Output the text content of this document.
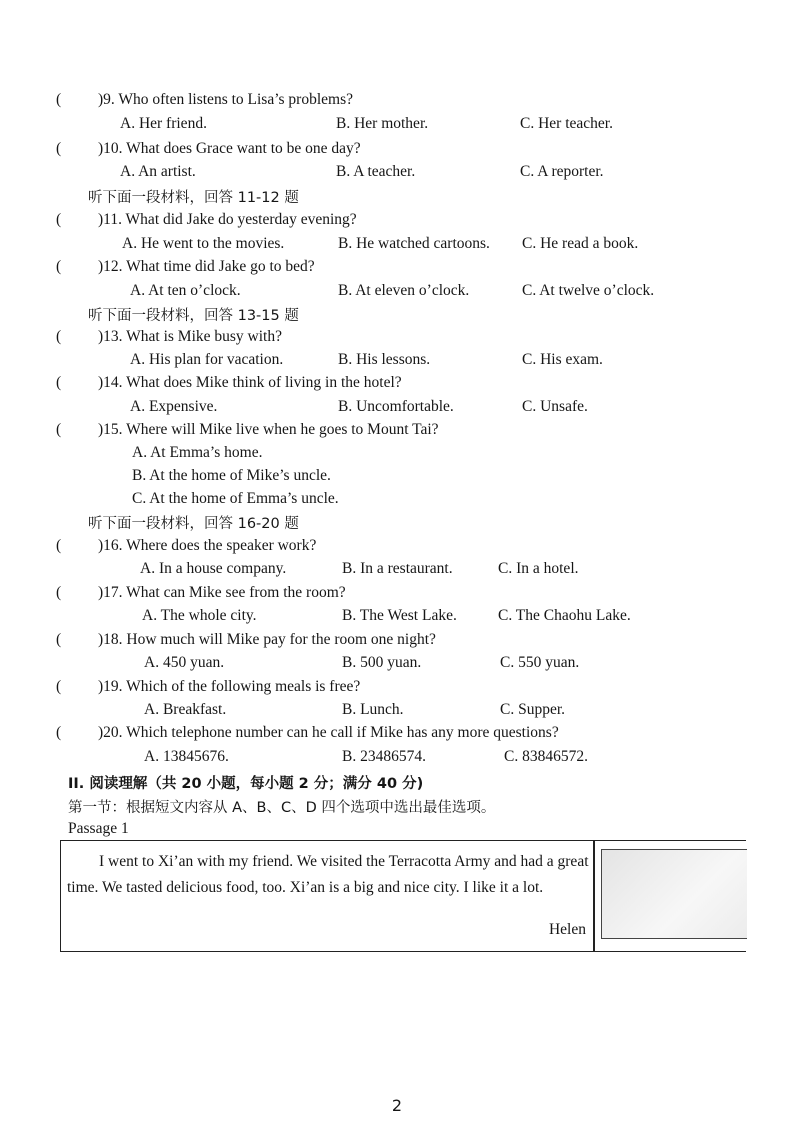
( )9. Who often listens to Lisa’s problems?
A. Her friend.	B. Her mother.	C. Her teacher.
( )10. What does Grace want to be one day?
A. An artist.	B. A teacher.	C. A reporter.
听下面一段材料，回答 11-12 题
( )11. What did Jake do yesterday evening?
A. He went to the movies.	B. He watched cartoons. C. He read a book.
( )12. What time did Jake go to bed?
A. At ten o’clock.	B. At eleven o’clock.	C. At twelve o’clock.
听下面一段材料，回答 13-15 题
( )13. What is Mike busy with?
A. His plan for vacation.	B. His lessons.	C. His exam.
( )14. What does Mike think of living in the hotel?
A. Expensive.	B. Uncomfortable.	C. Unsafe.
( )15. Where will Mike live when he goes to Mount Tai?
A. At Emma’s home.
B. At the home of Mike’s uncle.
C. At the home of Emma’s uncle.
听下面一段材料，回答 16-20 题
( )16. Where does the speaker work?
A. In a house company.	B. In a restaurant.	C. In a hotel.
( )17. What can Mike see from the room?
A. The whole city.	B. The West Lake.	C. The Chaohu Lake.
( )18. How much will Mike pay for the room one night?
A. 450 yuan.	B. 500 yuan.	C. 550 yuan.
( )19. Which of the following meals is free?
A. Breakfast.	B. Lunch.	C. Supper.
( )20. Which telephone number can he call if Mike has any more questions?
A. 13845676.	B. 23486574.	C. 83846572.
II. 阅读理解（共 20 小题，每小题 2 分；满分 40 分)
第一节：根据短文内容从 A、B、C、D 四个选项中选出最佳选项。
Passage 1

I went to Xi’an with my friend. We visited the Terracotta Army and had a great time. We tasted delicious food, too. Xi’an is a big and nice city. I like it a lot.

Helen
2
